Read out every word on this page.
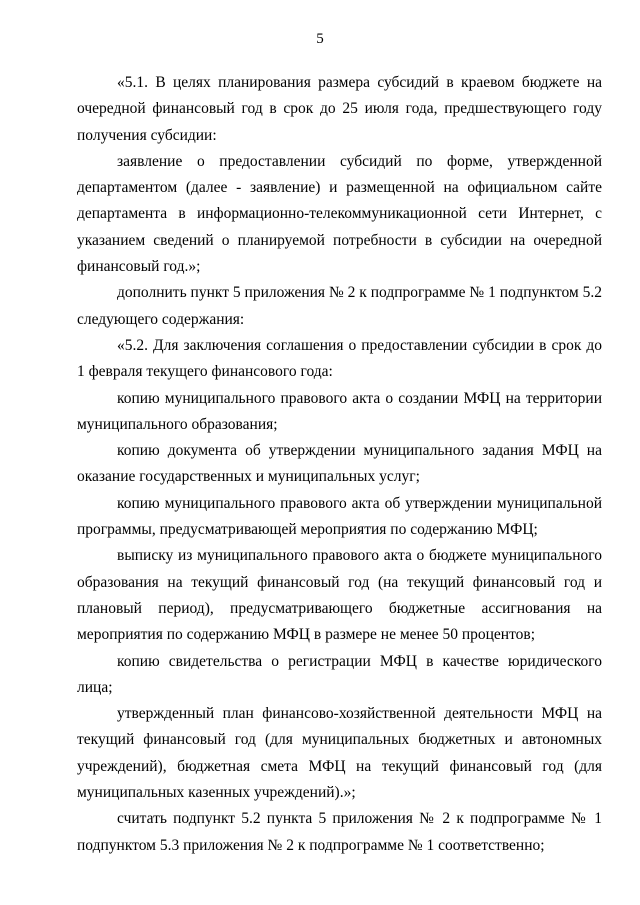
5

«5.1. В целях планирования размера субсидий в краевом бюджете на очередной финансовый год в срок до 25 июля года, предшествующего году получения субсидии:

заявление о предоставлении субсидий по форме, утвержденной департаментом (далее - заявление) и размещенной на официальном сайте департамента в информационно-телекоммуникационной сети Интернет, с указанием сведений о планируемой потребности в субсидии на очередной финансовый год.»;

дополнить пункт 5 приложения № 2 к подпрограмме № 1 подпунктом 5.2 следующего содержания:

«5.2. Для заключения соглашения о предоставлении субсидии в срок до 1 февраля текущего финансового года:

копию муниципального правового акта о создании МФЦ на территории муниципального образования;

копию документа об утверждении муниципального задания МФЦ на оказание государственных и муниципальных услуг;

копию муниципального правового акта об утверждении муниципальной программы, предусматривающей мероприятия по содержанию МФЦ;

выписку из муниципального правового акта о бюджете муниципального образования на текущий финансовый год (на текущий финансовый год и плановый период), предусматривающего бюджетные ассигнования на мероприятия по содержанию МФЦ в размере не менее 50 процентов;

копию свидетельства о регистрации МФЦ в качестве юридического лица;

утвержденный план финансово-хозяйственной деятельности МФЦ на текущий финансовый год (для муниципальных бюджетных и автономных учреждений), бюджетная смета МФЦ на текущий финансовый год (для муниципальных казенных учреждений).»;

считать подпункт 5.2 пункта 5 приложения № 2 к подпрограмме № 1 подпунктом 5.3 приложения № 2 к подпрограмме № 1 соответственно;
